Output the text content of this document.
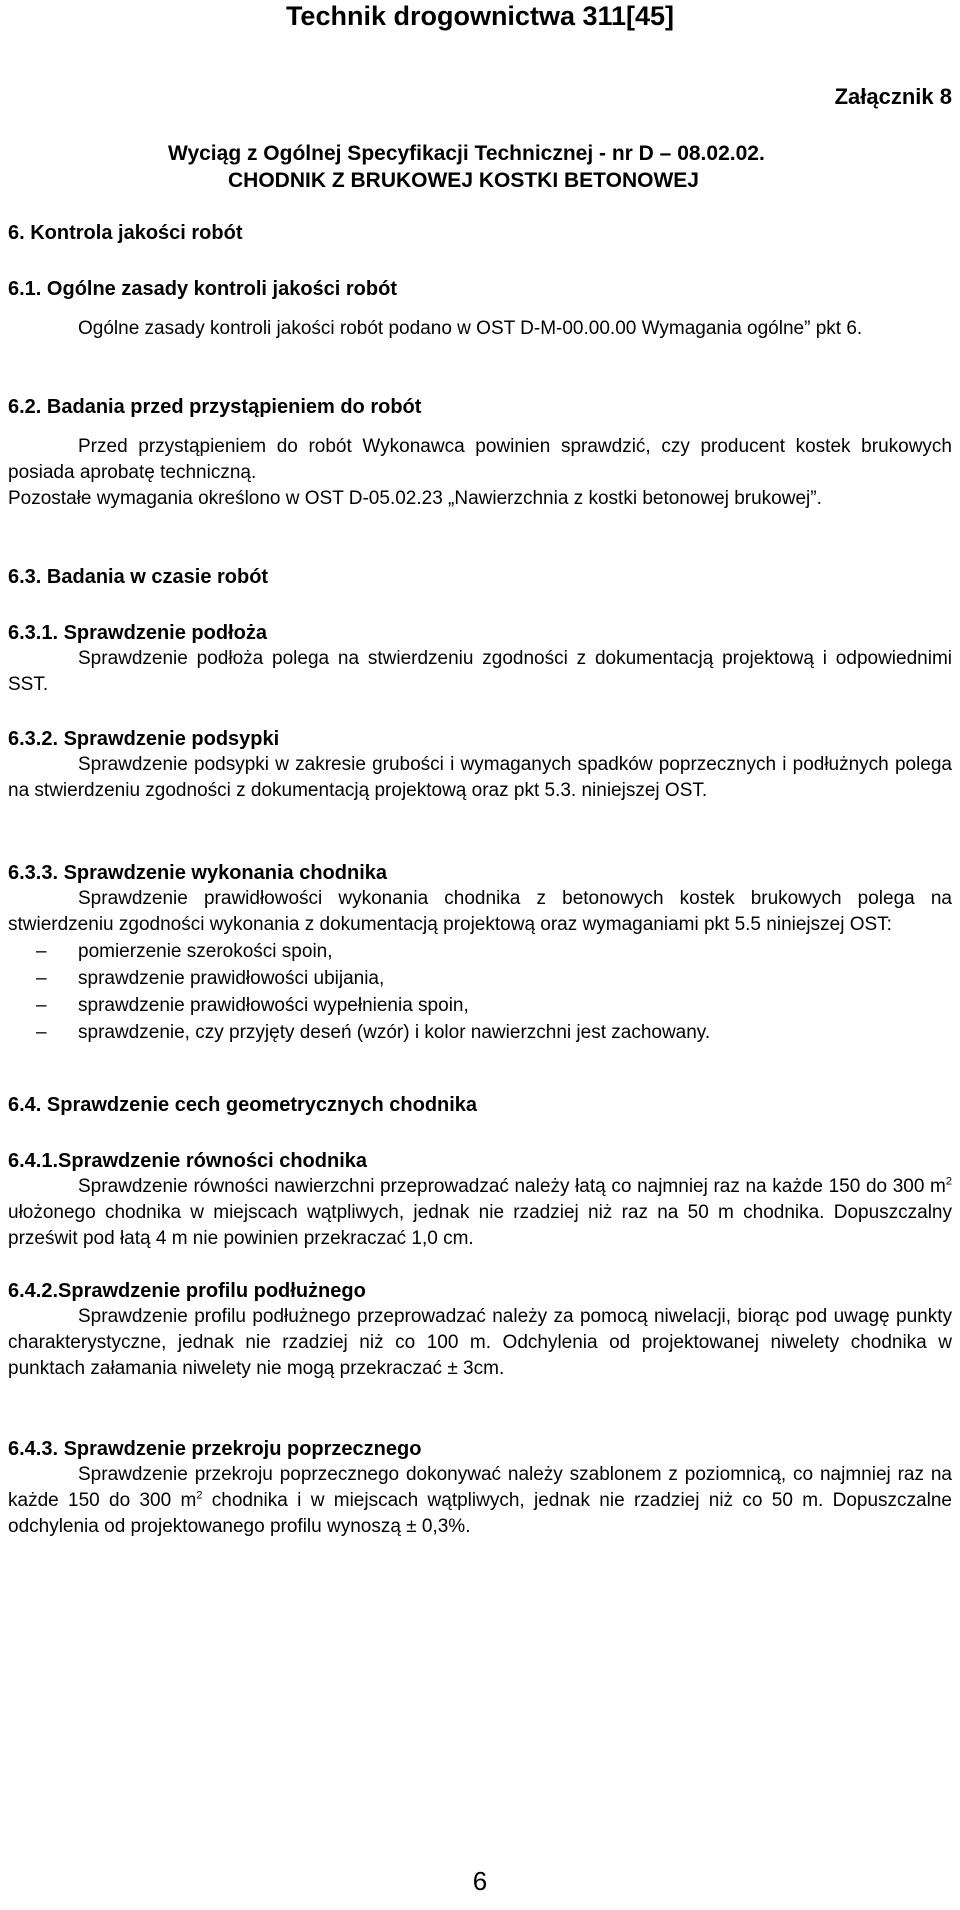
Technik drogownictwa 311[45]
Załącznik 8
Wyciąg z Ogólnej Specyfikacji Technicznej - nr D – 08.02.02.
CHODNIK Z BRUKOWEJ KOSTKI BETONOWEJ
6. Kontrola jakości robót
6.1. Ogólne zasady kontroli jakości robót
Ogólne zasady kontroli jakości robót podano w OST D-M-00.00.00 Wymagania ogólne” pkt 6.
6.2. Badania przed przystąpieniem do robót
Przed przystąpieniem do robót Wykonawca powinien sprawdzić, czy producent kostek brukowych posiada aprobatę techniczną.
Pozostałe wymagania określono w OST D-05.02.23 „Nawierzchnia z kostki betonowej brukowej”.
6.3. Badania w czasie robót
6.3.1. Sprawdzenie podłoża
Sprawdzenie podłoża polega na stwierdzeniu zgodności z dokumentacją projektową i odpowiednimi SST.
6.3.2. Sprawdzenie podsypki
Sprawdzenie podsypki w zakresie grubości i wymaganych spadków poprzecznych i podłużnych polega na stwierdzeniu zgodności z dokumentacją projektową oraz pkt 5.3. niniejszej OST.
6.3.3. Sprawdzenie wykonania chodnika
Sprawdzenie prawidłowości wykonania chodnika z betonowych kostek brukowych polega na stwierdzeniu zgodności wykonania z dokumentacją projektową oraz wymaganiami pkt 5.5 niniejszej OST:
– pomierzenie szerokości spoin,
– sprawdzenie prawidłowości ubijania,
– sprawdzenie prawidłowości wypełnienia spoin,
– sprawdzenie, czy przyjęty deseń (wzór) i kolor nawierzchni jest zachowany.
6.4. Sprawdzenie cech geometrycznych chodnika
6.4.1.Sprawdzenie równości chodnika
Sprawdzenie równości nawierzchni przeprowadzać należy łatą co najmniej raz na każde 150 do 300 $m^2$ ułożonego chodnika w miejscach wątpliwych, jednak nie rzadziej niż raz na 50 m chodnika. Dopuszczalny prześwit pod łatą 4 m nie powinien przekraczać 1,0 cm.
6.4.2.Sprawdzenie profilu podłużnego
Sprawdzenie profilu podłużnego przeprowadzać należy za pomocą niwelacji, biorąc pod uwagę punkty charakterystyczne, jednak nie rzadziej niż co 100 m. Odchylenia od projektowanej niwelety chodnika w punktach załamania niwelety nie mogą przekraczać ± 3cm.
6.4.3. Sprawdzenie przekroju poprzecznego
Sprawdzenie przekroju poprzecznego dokonywać należy szablonem z poziomnicą, co najmniej raz na każde 150 do 300 $m^2$ chodnika i w miejscach wątpliwych, jednak nie rzadziej niż co 50 m. Dopuszczalne odchylenia od projektowanego profilu wynoszą ± 0,3%.
6
